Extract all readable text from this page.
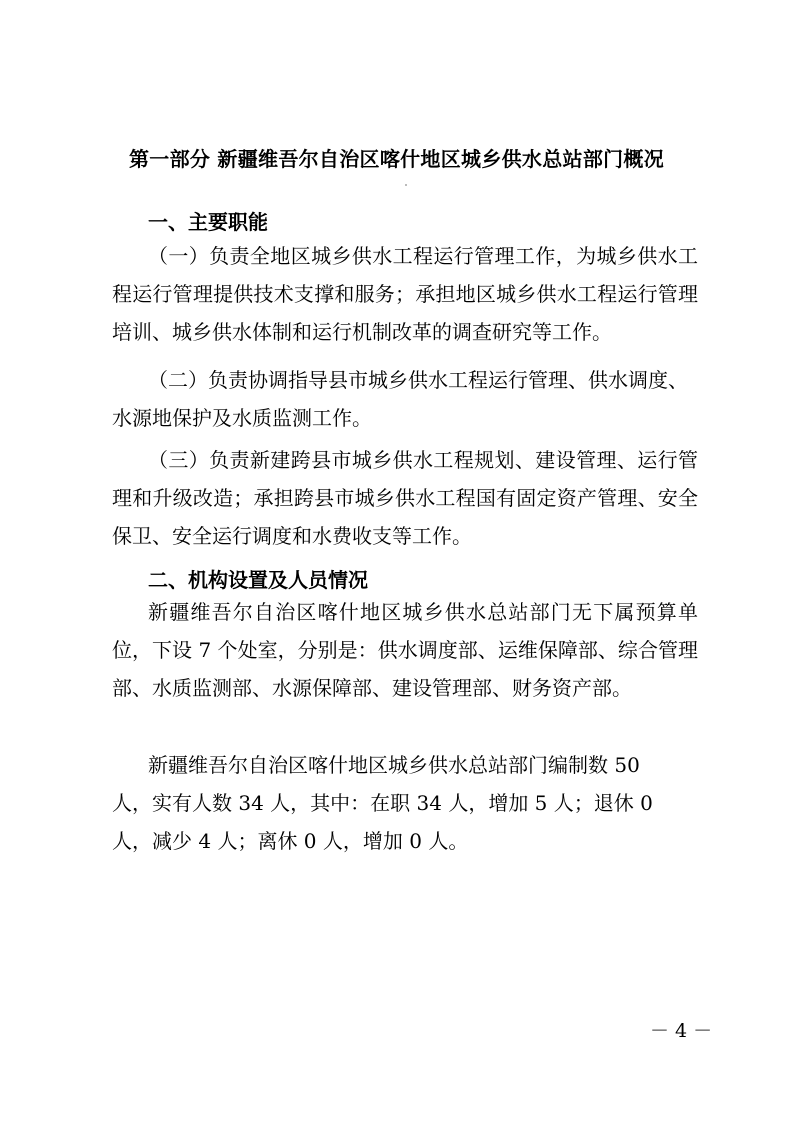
第一部分 新疆维吾尔自治区喀什地区城乡供水总站部门概况
一、主要职能

（一）负责全地区城乡供水工程运行管理工作，为城乡供水工程运行管理提供技术支撑和服务；承担地区城乡供水工程运行管理培训、城乡供水体制和运行机制改革的调查研究等工作。

（二）负责协调指导县市城乡供水工程运行管理、供水调度、水源地保护及水质监测工作。

（三）负责新建跨县市城乡供水工程规划、建设管理、运行管理和升级改造；承担跨县市城乡供水工程国有固定资产管理、安全保卫、安全运行调度和水费收支等工作。

二、机构设置及人员情况

新疆维吾尔自治区喀什地区城乡供水总站部门无下属预算单位，下设 7 个处室，分别是：供水调度部、运维保障部、综合管理部、水质监测部、水源保障部、建设管理部、财务资产部。

新疆维吾尔自治区喀什地区城乡供水总站部门编制数 50 人，实有人数 34 人，其中：在职 34 人，增加 5 人；退休 0 人，减少 4 人；离休 0 人，增加 0 人。

－ 4 －
